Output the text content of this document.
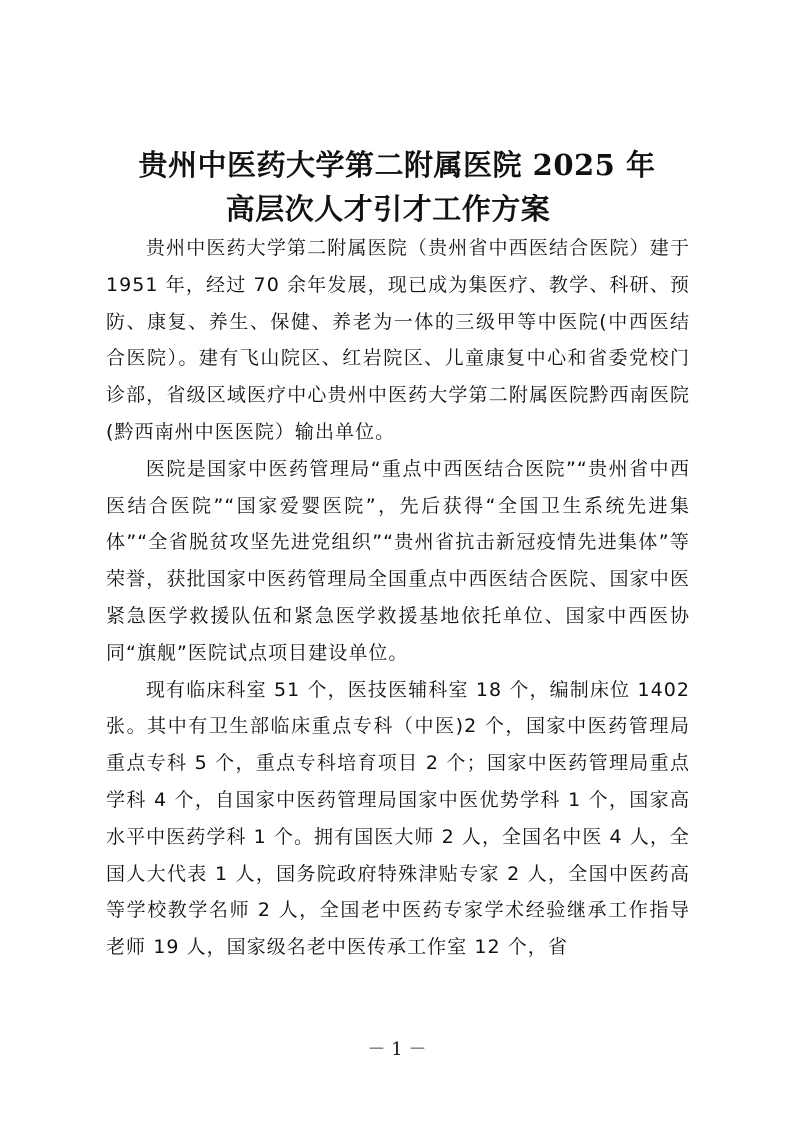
贵州中医药大学第二附属医院 2025 年
高层次人才引才工作方案

贵州中医药大学第二附属医院（贵州省中西医结合医院）建于 1951 年，经过 70 余年发展，现已成为集医疗、教学、科研、预防、康复、养生、保健、养老为一体的三级甲等中医院(中西医结合医院）。建有飞山院区、红岩院区、儿童康复中心和省委党校门诊部，省级区域医疗中心贵州中医药大学第二附属医院黔西南医院(黔西南州中医医院）输出单位。

医院是国家中医药管理局“重点中西医结合医院”“贵州省中西医结合医院”“国家爱婴医院”，先后获得“全国卫生系统先进集体”“全省脱贫攻坚先进党组织”“贵州省抗击新冠疫情先进集体”等荣誉，获批国家中医药管理局全国重点中西医结合医院、国家中医紧急医学救援队伍和紧急医学救援基地依托单位、国家中西医协同“旗舰”医院试点项目建设单位。

现有临床科室 51 个，医技医辅科室 18 个，编制床位 1402 张。其中有卫生部临床重点专科（中医)2 个，国家中医药管理局重点专科 5 个，重点专科培育项目 2 个；国家中医药管理局重点学科 4 个，自国家中医药管理局国家中医优势学科 1 个，国家高水平中医药学科 1 个。拥有国医大师 2 人，全国名中医 4 人，全国人大代表 1 人，国务院政府特殊津贴专家 2 人，全国中医药高等学校教学名师 2 人，全国老中医药专家学术经验继承工作指导老师 19 人，国家级名老中医传承工作室 12 个，省

－ 1 －
